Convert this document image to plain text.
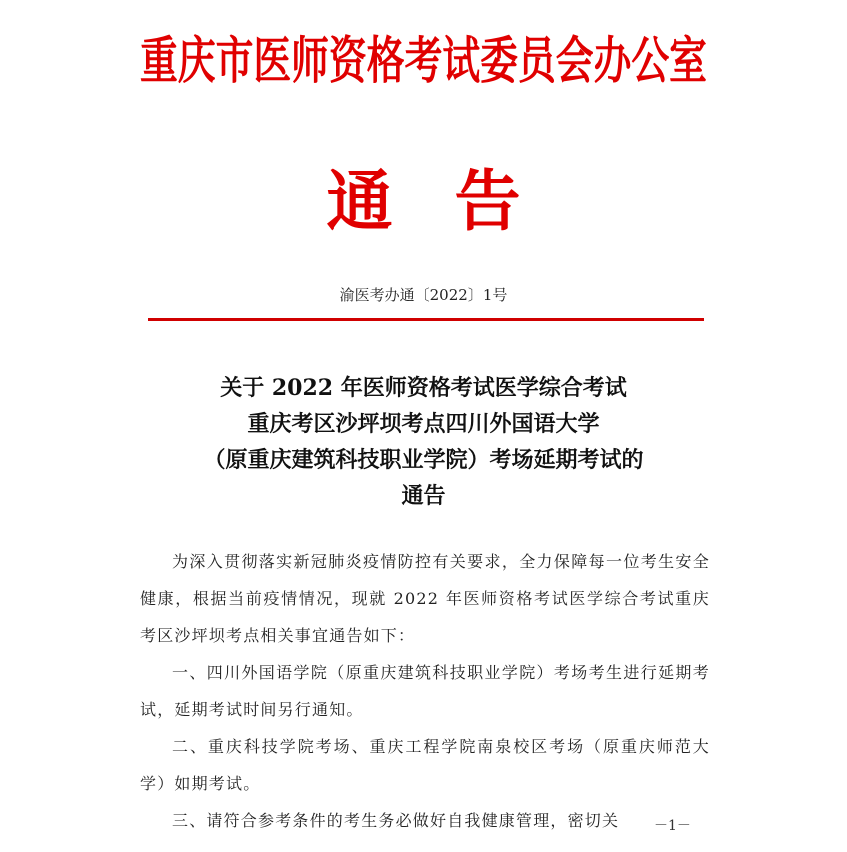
重庆市医师资格考试委员会办公室
通 告
渝医考办通〔2022〕1号
关于 2022 年医师资格考试医学综合考试
重庆考区沙坪坝考点四川外国语大学
（原重庆建筑科技职业学院）考场延期考试的
通告

为深入贯彻落实新冠肺炎疫情防控有关要求，全力保障每一位考生安全健康，根据当前疫情情况，现就 2022 年医师资格考试医学综合考试重庆考区沙坪坝考点相关事宜通告如下：

一、四川外国语学院（原重庆建筑科技职业学院）考场考生进行延期考试，延期考试时间另行通知。

二、重庆科技学院考场、重庆工程学院南泉校区考场（原重庆师范大学）如期考试。

三、请符合参考条件的考生务必做好自我健康管理，密切关	－1－
